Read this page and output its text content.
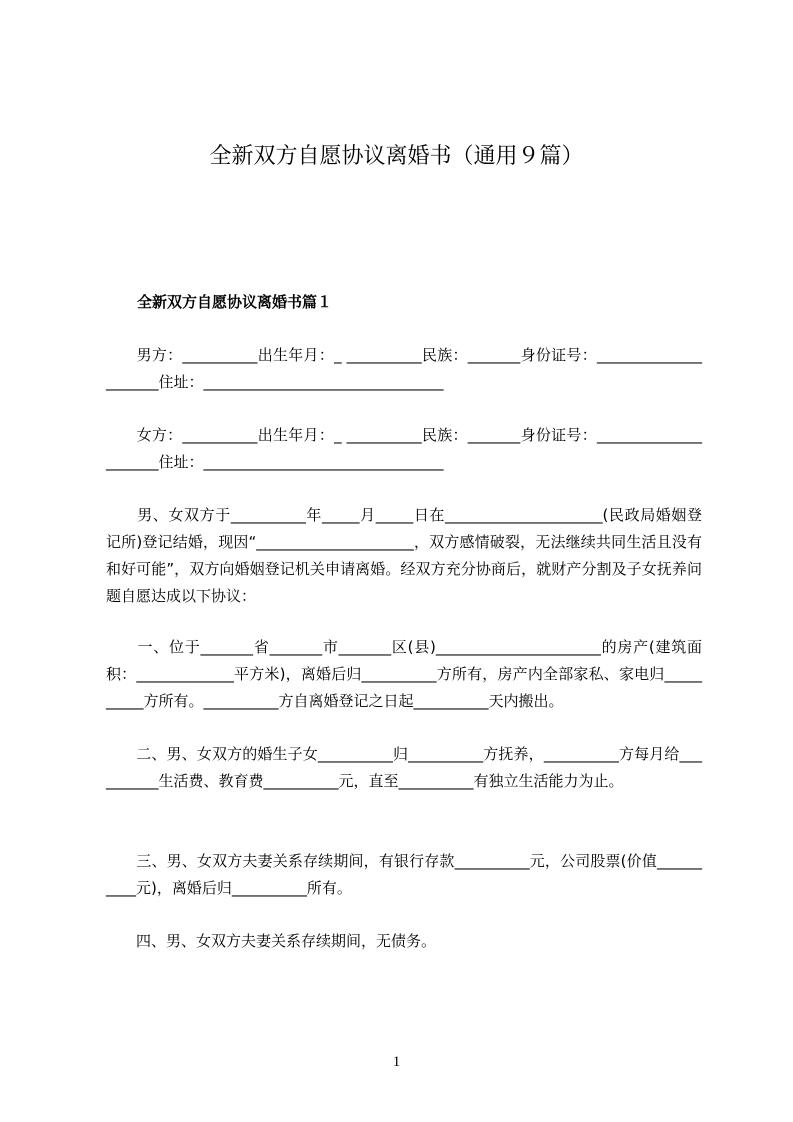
全新双方自愿协议离婚书（通用９篇）
全新双方自愿协议离婚书篇１
　　男方：__________出生年月：_ __________民族：_______身份证号：_____________________住址：________________________________
　　女方：__________出生年月：_ __________民族：_______身份证号：_____________________住址：________________________________
　　男、女双方于__________年_____月_____日在_____________________(民政局婚姻登记所)登记结婚，现因“_____________________，双方感情破裂，无法继续共同生活且没有和好可能”，双方向婚姻登记机关申请离婚。经双方充分协商后，就财产分割及子女抚养问题自愿达成以下协议：
　　一、位于_______省_______市_______区(县)______________________的房产(建筑面积：_____________平方米)，离婚后归__________方所有，房产内全部家私、家电归__________方所有。__________方自离婚登记之日起__________天内搬出。
　　二、男、女双方的婚生子女__________归__________方抚养，__________方每月给__________生活费、教育费__________元，直至__________有独立生活能力为止。
　　三、男、女双方夫妻关系存续期间，有银行存款__________元，公司股票(价值__________元)，离婚后归__________所有。
　　四、男、女双方夫妻关系存续期间，无债务。
1
